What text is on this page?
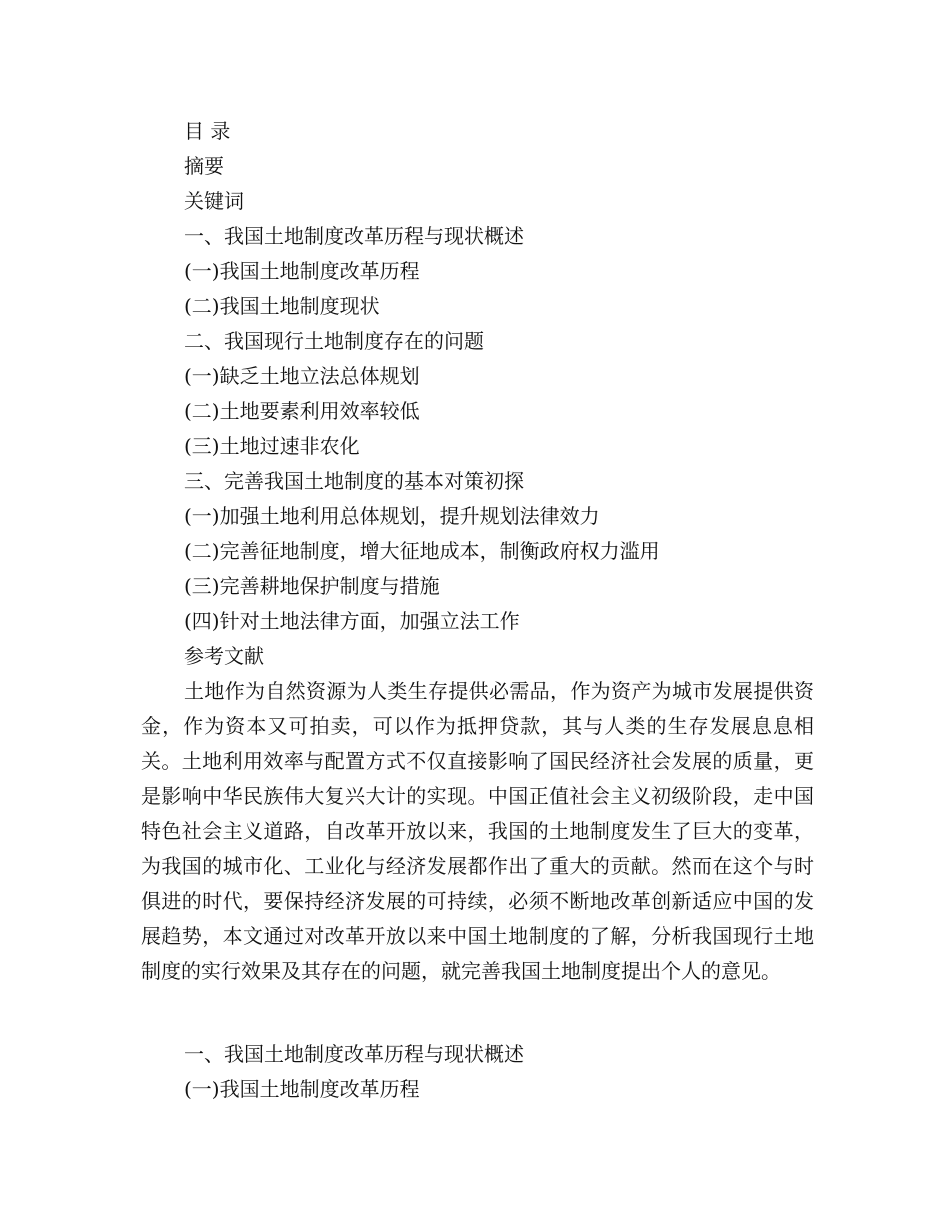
目 录
摘要
关键词
一、我国土地制度改革历程与现状概述
(一)我国土地制度改革历程
(二)我国土地制度现状
二、我国现行土地制度存在的问题
(一)缺乏土地立法总体规划
(二)土地要素利用效率较低
(三)土地过速非农化
三、完善我国土地制度的基本对策初探
(一)加强土地利用总体规划，提升规划法律效力
(二)完善征地制度，增大征地成本，制衡政府权力滥用
(三)完善耕地保护制度与措施
(四)针对土地法律方面，加强立法工作
参考文献

土地作为自然资源为人类生存提供必需品，作为资产为城市发展提供资金，作为资本又可拍卖，可以作为抵押贷款，其与人类的生存发展息息相关。土地利用效率与配置方式不仅直接影响了国民经济社会发展的质量，更是影响中华民族伟大复兴大计的实现。中国正值社会主义初级阶段，走中国特色社会主义道路，自改革开放以来，我国的土地制度发生了巨大的变革，为我国的城市化、工业化与经济发展都作出了重大的贡献。然而在这个与时俱进的时代，要保持经济发展的可持续，必须不断地改革创新适应中国的发展趋势，本文通过对改革开放以来中国土地制度的了解，分析我国现行土地制度的实行效果及其存在的问题，就完善我国土地制度提出个人的意见。

一、我国土地制度改革历程与现状概述
(一)我国土地制度改革历程
